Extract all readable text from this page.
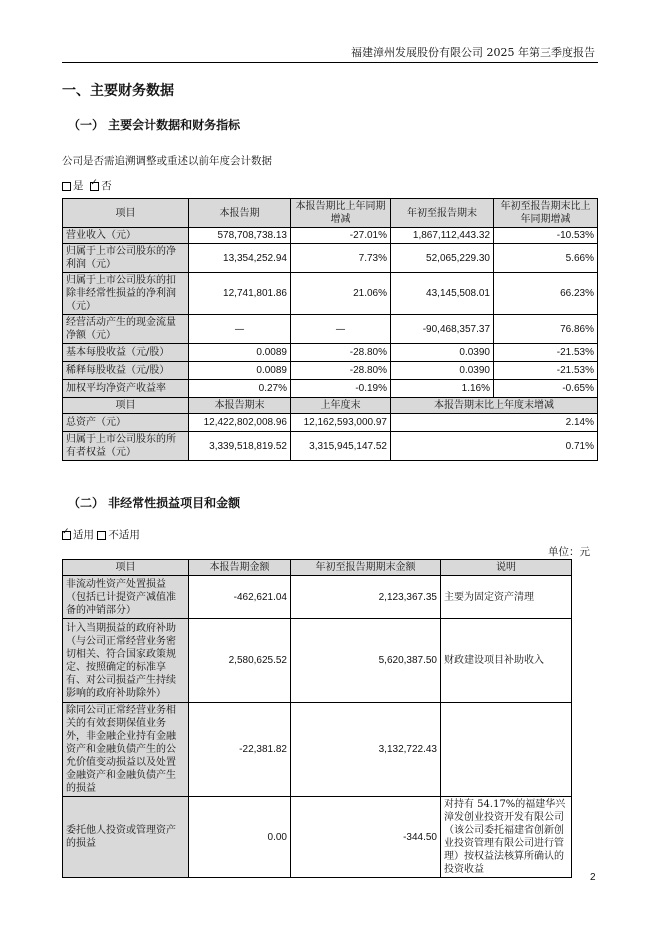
福建漳州发展股份有限公司 2025 年第三季度报告
一、主要财务数据
（一） 主要会计数据和财务指标
公司是否需追溯调整或重述以前年度会计数据
是 ✓ 否
项目	本报告期	本报告期比上年同期增减	年初至报告期末	年初至报告期末比上年同期增减
营业收入（元）	578,708,738.13	-27.01%	1,867,112,443.32	-10.53%
归属于上市公司股东的净利润（元）	13,354,252.94	7.73%	52,065,229.30	5.66%
归属于上市公司股东的扣除非经常性损益的净利润（元）	12,741,801.86	21.06%	43,145,508.01	66.23%
经营活动产生的现金流量净额（元）	—	—	-90,468,357.37	76.86%
基本每股收益（元/股）	0.0089	-28.80%	0.0390	-21.53%
稀释每股收益（元/股）	0.0089	-28.80%	0.0390	-21.53%
加权平均净资产收益率	0.27%	-0.19%	1.16%	-0.65%
项目	本报告期末	上年度末	本报告期末比上年度末增减	
总资产（元）	12,422,802,008.96	12,162,593,000.97	2.14%	
归属于上市公司股东的所有者权益（元）	3,339,518,819.52	3,315,945,147.52	0.71%	
（二） 非经常性损益项目和金额
✓适用 不适用
单位：元
项目	本报告期金额	年初至报告期期末金额	说明
非流动性资产处置损益（包括已计提资产减值准备的冲销部分）	-462,621.04	2,123,367.35	主要为固定资产清理
计入当期损益的政府补助（与公司正常经营业务密切相关、符合国家政策规定、按照确定的标准享有、对公司损益产生持续影响的政府补助除外）	2,580,625.52	5,620,387.50	财政建设项目补助收入
除同公司正常经营业务相关的有效套期保值业务外，非金融企业持有金融资产和金融负债产生的公允价值变动损益以及处置金融资产和金融负债产生的损益	-22,381.82	3,132,722.43	
委托他人投资或管理资产的损益	0.00	-344.50	对持有 54.17%的福建华兴漳发创业投资开发有限公司（该公司委托福建省创新创业投资管理有限公司进行管理）按权益法核算所确认的投资收益
2
